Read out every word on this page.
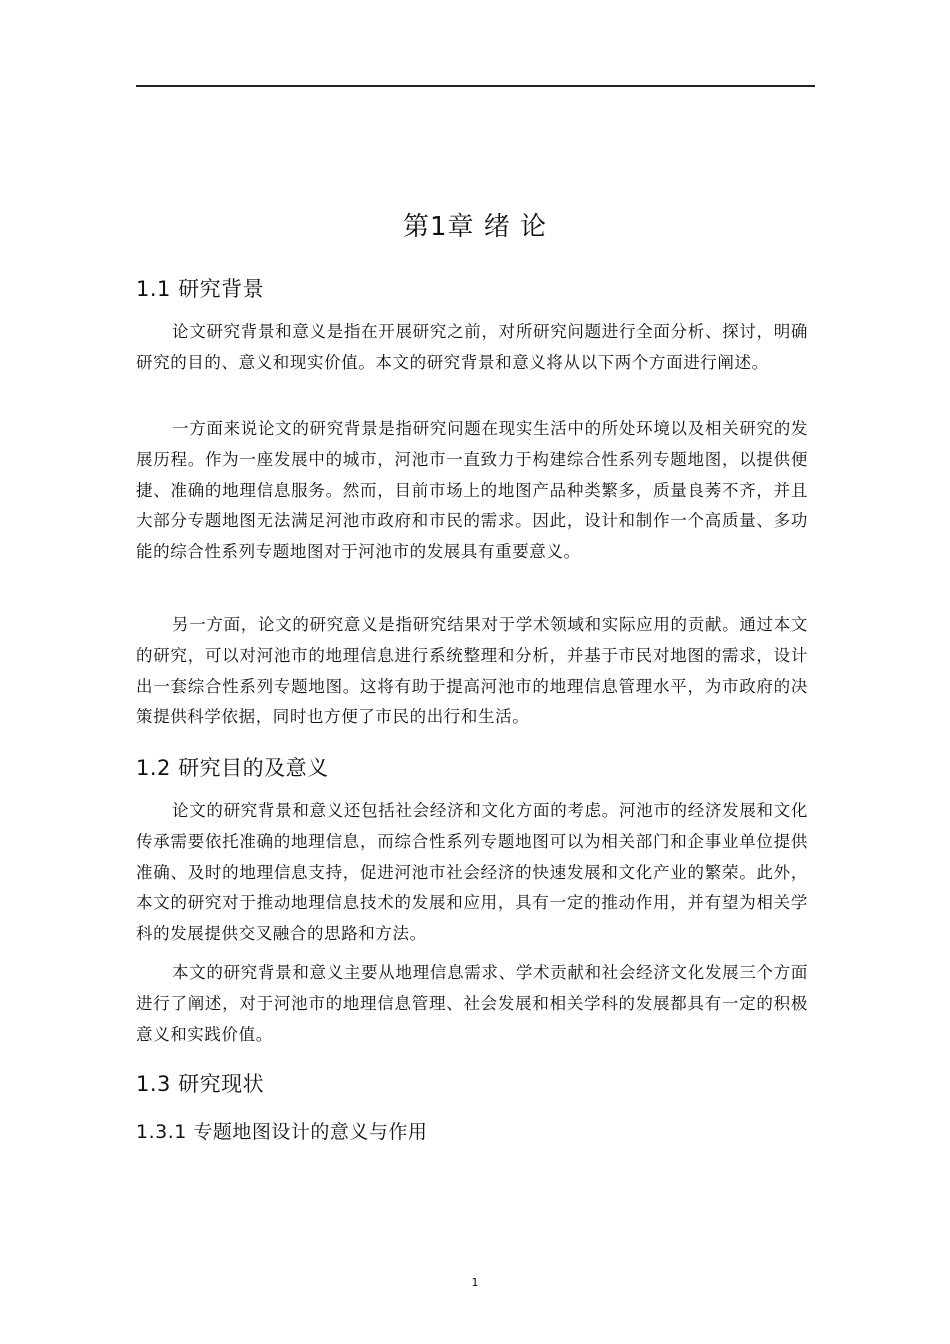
第1章 绪 论
1.1 研究背景
论文研究背景和意义是指在开展研究之前，对所研究问题进行全面分析、探讨，明确研究的目的、意义和现实价值。本文的研究背景和意义将从以下两个方面进行阐述。
一方面来说论文的研究背景是指研究问题在现实生活中的所处环境以及相关研究的发展历程。作为一座发展中的城市，河池市一直致力于构建综合性系列专题地图，以提供便捷、准确的地理信息服务。然而，目前市场上的地图产品种类繁多，质量良莠不齐，并且大部分专题地图无法满足河池市政府和市民的需求。因此，设计和制作一个高质量、多功能的综合性系列专题地图对于河池市的发展具有重要意义。
另一方面，论文的研究意义是指研究结果对于学术领域和实际应用的贡献。通过本文的研究，可以对河池市的地理信息进行系统整理和分析，并基于市民对地图的需求，设计出一套综合性系列专题地图。这将有助于提高河池市的地理信息管理水平，为市政府的决策提供科学依据，同时也方便了市民的出行和生活。
1.2 研究目的及意义
论文的研究背景和意义还包括社会经济和文化方面的考虑。河池市的经济发展和文化传承需要依托准确的地理信息，而综合性系列专题地图可以为相关部门和企事业单位提供准确、及时的地理信息支持，促进河池市社会经济的快速发展和文化产业的繁荣。此外，本文的研究对于推动地理信息技术的发展和应用，具有一定的推动作用，并有望为相关学科的发展提供交叉融合的思路和方法。
本文的研究背景和意义主要从地理信息需求、学术贡献和社会经济文化发展三个方面进行了阐述，对于河池市的地理信息管理、社会发展和相关学科的发展都具有一定的积极意义和实践价值。
1.3 研究现状
1.3.1 专题地图设计的意义与作用
1
